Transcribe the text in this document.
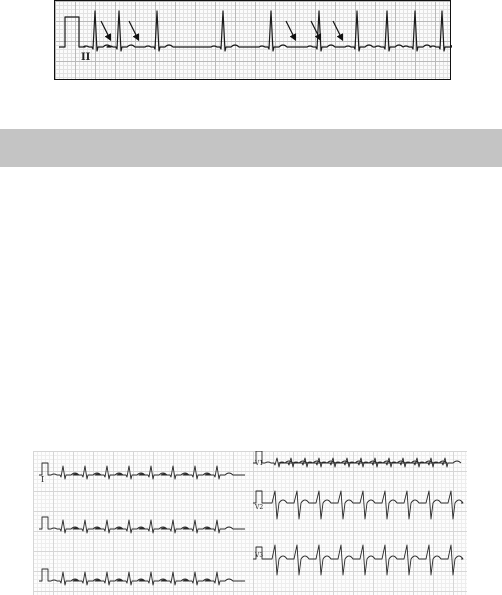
II
I
V1
V2
V3
